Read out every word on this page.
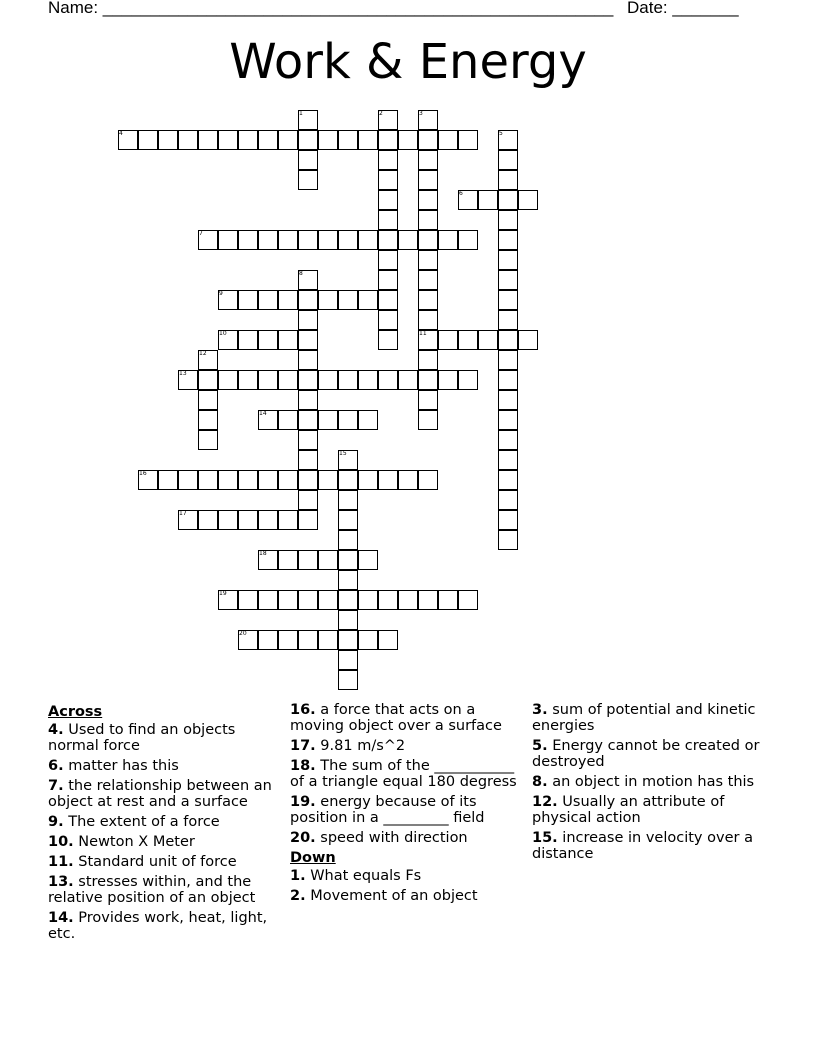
Name: ______________________________________________________ Date: _______
Work & Energy
1	2	3
4	5
6
7
8
9
10	11
12
13
14
15
16
17
18
19
20
Across
4. Used to find an objects normal force
6. matter has this
7. the relationship between an object at rest and a surface
9. The extent of a force
10. Newton X Meter
11. Standard unit of force
13. stresses within, and the relative position of an object
14. Provides work, heat, light, etc.
16. a force that acts on a moving object over a surface
17. 9.81 m/s^2
18. The sum of the ___________ of a triangle equal 180 degress
19. energy because of its position in a _________ field
20. speed with direction
Down
1. What equals Fs
2. Movement of an object
3. sum of potential and kinetic energies
5. Energy cannot be created or destroyed
8. an object in motion has this
12. Usually an attribute of physical action
15. increase in velocity over a distance
